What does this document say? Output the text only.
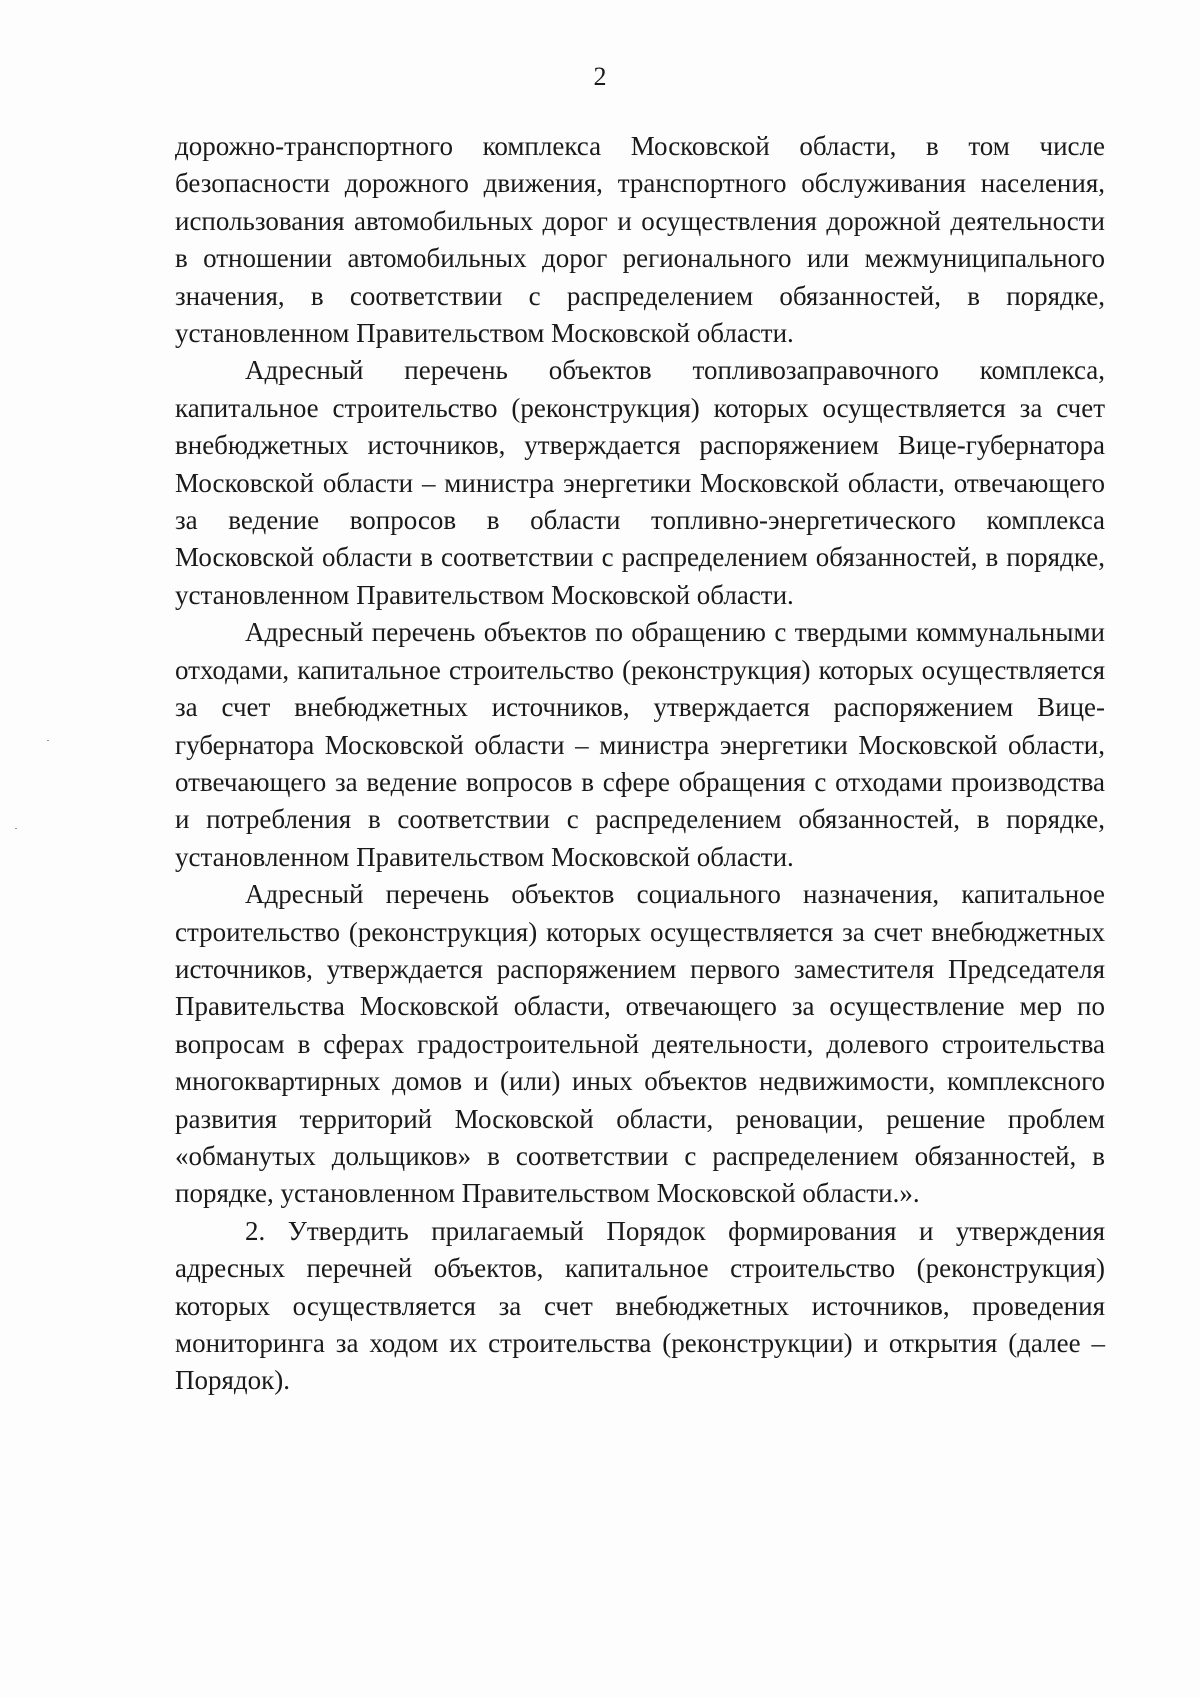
2

дорожно-транспортного комплекса Московской области, в том числе безопасности дорожного движения, транспортного обслуживания населения, использования автомобильных дорог и осуществления дорожной деятельности в отношении автомобильных дорог регионального или межмуниципального значения, в соответствии с распределением обязанностей, в порядке, установленном Правительством Московской области.

Адресный перечень объектов топливозаправочного комплекса, капитальное строительство (реконструкция) которых осуществляется за счет внебюджетных источников, утверждается распоряжением Вице-губернатора Московской области – министра энергетики Московской области, отвечающего за ведение вопросов в области топливно-энергетического комплекса Московской области в соответствии с распределением обязанностей, в порядке, установленном Правительством Московской области.

Адресный перечень объектов по обращению с твердыми коммунальными отходами, капитальное строительство (реконструкция) которых осуществляется за счет внебюджетных источников, утверждается распоряжением Вице-губернатора Московской области – министра энергетики Московской области, отвечающего за ведение вопросов в сфере обращения с отходами производства и потребления в соответствии с распределением обязанностей, в порядке, установленном Правительством Московской области.

Адресный перечень объектов социального назначения, капитальное строительство (реконструкция) которых осуществляется за счет внебюджетных источников, утверждается распоряжением первого заместителя Председателя Правительства Московской области, отвечающего за осуществление мер по вопросам в сферах градостроительной деятельности, долевого строительства многоквартирных домов и (или) иных объектов недвижимости, комплексного развития территорий Московской области, реновации, решение проблем «обманутых дольщиков» в соответствии с распределением обязанностей, в порядке, установленном Правительством Московской области.».

2. Утвердить прилагаемый Порядок формирования и утверждения адресных перечней объектов, капитальное строительство (реконструкция) которых осуществляется за счет внебюджетных источников, проведения мониторинга за ходом их строительства (реконструкции) и открытия (далее – Порядок).
